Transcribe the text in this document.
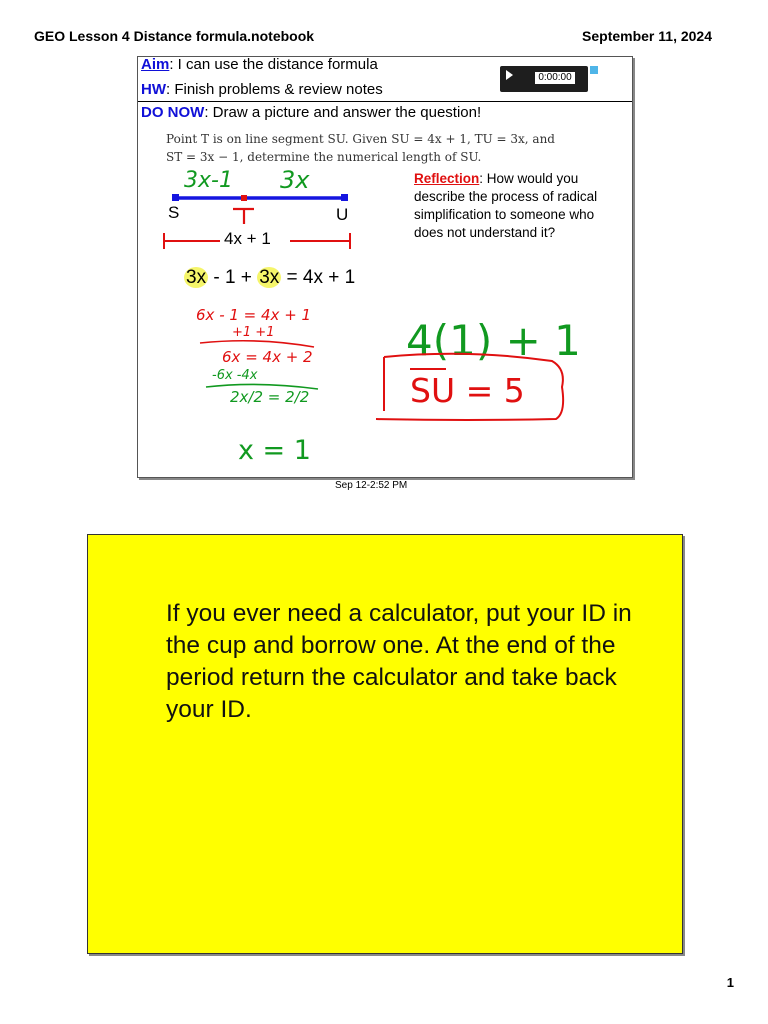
GEO Lesson 4 Distance formula.notebook	September 11, 2024
Aim: I can use the distance formula
HW: Finish problems & review notes
DO NOW: Draw a picture and answer the question!
0:00:00
Point T is on line segment SU. Given SU = 4x + 1, TU = 3x, and
ST = 3x − 1, determine the numerical length of SU.
3x-1 3x
6x - 1 = 4x + 1
+1 +1
6x = 4x + 2
-6x -4x
2x/2 = 2/2
x = 1
4(1) + 1
SU = 5
S	U
4x + 1
Reflection: How would you describe the process of radical simplification to someone who does not understand it?
3x - 1 + 3x = 4x + 1
Sep 12-2:52 PM
If you ever need a calculator, put your ID in the cup and borrow one. At the end of the period return the calculator and take back your ID.
1
